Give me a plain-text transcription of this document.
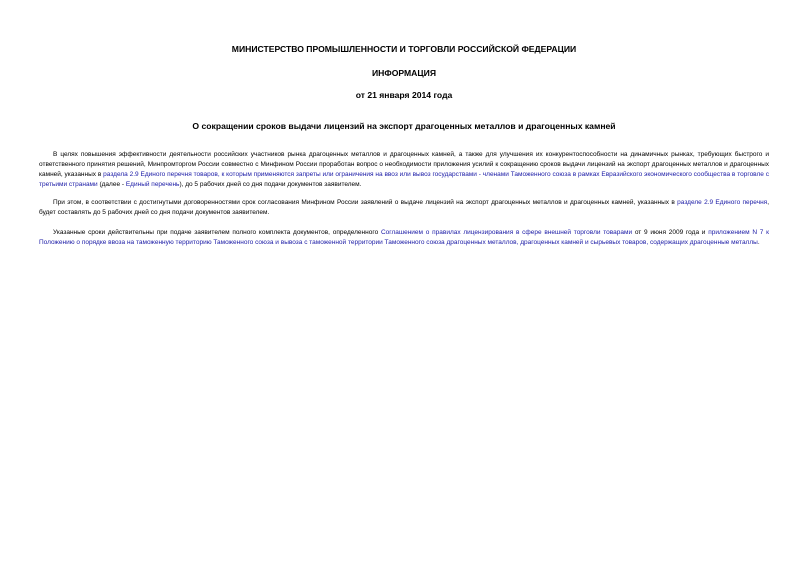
МИНИСТЕРСТВО ПРОМЫШЛЕННОСТИ И ТОРГОВЛИ РОССИЙСКОЙ ФЕДЕРАЦИИ

ИНФОРМАЦИЯ

от 21 января 2014 года

О сокращении сроков выдачи лицензий на экспорт драгоценных металлов и драгоценных камней

В целях повышения эффективности деятельности российских участников рынка драгоценных металлов и драгоценных камней, а также для улучшения их конкурентоспособности на динамичных рынках, требующих быстрого и ответственного принятия решений, Минпромторгом России совместно с Минфином России проработан вопрос о необходимости приложения усилий к сокращению сроков выдачи лицензий на экспорт драгоценных металлов и драгоценных камней, указанных в раздела 2.9 Единого перечня товаров, к которым применяются запреты или ограничения на ввоз или вывоз государствами - членами Таможенного союза в рамках Евразийского экономического сообщества в торговле с третьими странами (далее - Единый перечень), до 5 рабочих дней со дня подачи документов заявителем.

При этом, в соответствии с достигнутыми договоренностями срок согласования Минфином России заявлений о выдаче лицензий на экспорт драгоценных металлов и драгоценных камней, указанных в разделе 2.9 Единого перечня, будет составлять до 5 рабочих дней со дня подачи документов заявителем.

Указанные сроки действительны при подаче заявителем полного комплекта документов, определенного Соглашением о правилах лицензирования в сфере внешней торговли товарами от 9 июня 2009 года и приложением N 7 к Положению о порядке ввоза на таможенную территорию Таможенного союза и вывоза с таможенной территории Таможенного союза драгоценных металлов, драгоценных камней и сырьевых товаров, содержащих драгоценные металлы.
